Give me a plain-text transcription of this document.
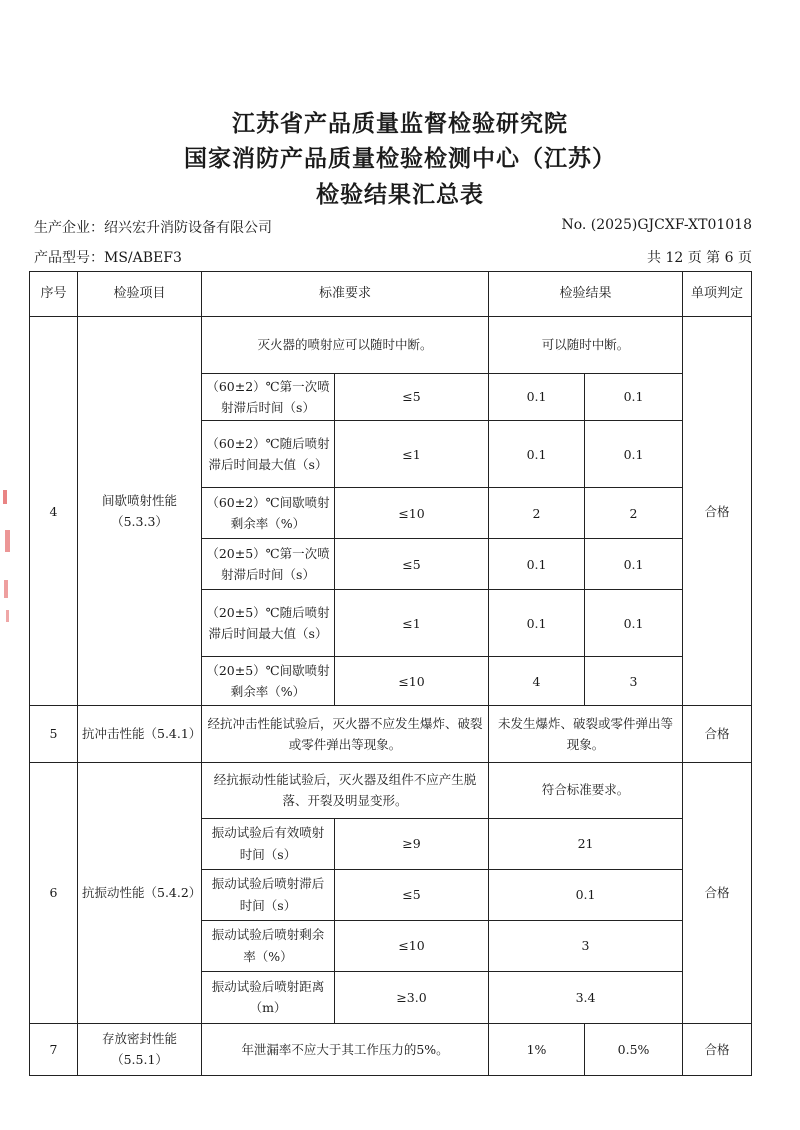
江苏省产品质量监督检验研究院
国家消防产品质量检验检测中心（江苏）
检验结果汇总表
生产企业：绍兴宏升消防设备有限公司	No. (2025)GJCXF-XT01018
产品型号：MS/ABEF3	共 12 页 第 6 页
序号	检验项目	标准要求		检验结果		单项判定
4	间歇喷射性能（5.3.3）	灭火器的喷射应可以随时中断。		可以随时中断。		合格
		（60±2）℃第一次喷射滞后时间（s）	≤5	0.1	0.1	
		（60±2）℃随后喷射滞后时间最大值（s）	≤1	0.1	0.1	
		（60±2）℃间歇喷射剩余率（%）	≤10	2	2	
		（20±5）℃第一次喷射滞后时间（s）	≤5	0.1	0.1	
		（20±5）℃随后喷射滞后时间最大值（s）	≤1	0.1	0.1	
		（20±5）℃间歇喷射剩余率（%）	≤10	4	3	
5	抗冲击性能（5.4.1）	经抗冲击性能试验后，灭火器不应发生爆炸、破裂或零件弹出等现象。		未发生爆炸、破裂或零件弹出等现象。		合格
6	抗振动性能（5.4.2）	经抗振动性能试验后，灭火器及组件不应产生脱落、开裂及明显变形。		符合标准要求。		合格
		振动试验后有效喷射时间（s）	≥9	21		
		振动试验后喷射滞后时间（s）	≤5	0.1		
		振动试验后喷射剩余率（%）	≤10	3		
		振动试验后喷射距离（m）	≥3.0	3.4		
7	存放密封性能（5.5.1）	年泄漏率不应大于其工作压力的5%。		1%	0.5%	合格
